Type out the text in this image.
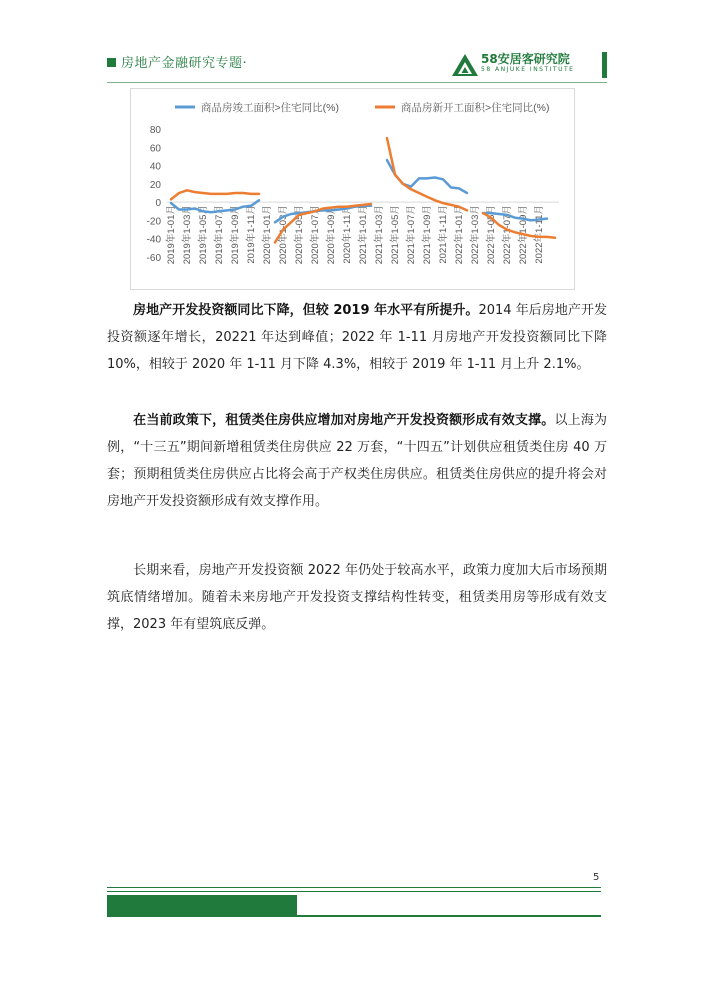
房地产金融研究专题·	58安居客研究院
58 ANJUKE INSTITUTE
80
60
40
20
0
-20
-40
-60 2019年1-01月 2019年1-03月 2019年1-05月 2019年1-07月 2019年1-09月 2019年1-11月 2020年1-01月 2020年1-03月 2020年1-05月 2020年1-07月 2020年1-09月 2020年1-11月 2021年1-01月 2021年1-03月 2021年1-05月 2021年1-07月 2021年1-09月 2021年1-11月 2022年1-01月 2022年1-03月 2022年1-05月 2022年1-07月 2022年1-09月 2022年1-11月
商品房竣工面积>住宅同比(%)	商品房新开工面积>住宅同比(%)
  房地产开发投资额同比下降，但较 2019 年水平有所提升。2014 年后房地产开发投资额逐年增长，20221 年达到峰值；2022 年 1-11 月房地产开发投资额同比下降 10%，相较于 2020 年 1-11 月下降 4.3%，相较于 2019 年 1-11 月上升 2.1%。
  在当前政策下，租赁类住房供应增加对房地产开发投资额形成有效支撑。以上海为例，“十三五”期间新增租赁类住房供应 22 万套，“十四五”计划供应租赁类住房 40 万套；预期租赁类住房供应占比将会高于产权类住房供应。租赁类住房供应的提升将会对房地产开发投资额形成有效支撑作用。
  长期来看，房地产开发投资额 2022 年仍处于较高水平，政策力度加大后市场预期筑底情绪增加。随着未来房地产开发投资支撑结构性转变，租赁类用房等形成有效支撑，2023 年有望筑底反弹。
5
